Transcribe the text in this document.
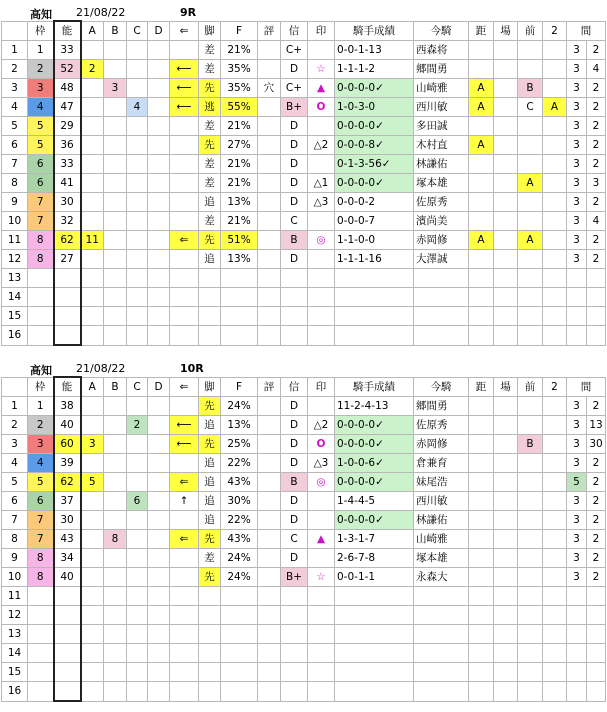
高知 21/08/22	9R
	枠	能	A	B	C	D	⇐	脚	F	評	信	印	騎手成績	今騎	距	場	前	2	間	
1	1	33						差	21%		C+		0-0-1-13	西森将					3	2
2	2	52	2				⟵	差	35%		D	☆	1-1-1-2	郷間勇					3	4
3	3	48		3			⟵	先	35%	穴	C+	▲	0-0-0-0✓	山崎雅	A		B		3	2
4	4	47			4		⟵	逃	55%		B+	O	1-0-3-0	西川敏	A		C	A	3	2
5	5	29						差	21%		D		0-0-0-0✓	多田誠					3	2
6	5	36						先	27%		D	△2	0-0-0-8✓	木村直	A				3	2
7	6	33						差	21%		D		0-1-3-56✓	林謙佑					3	2
8	6	41						差	21%		D	△1	0-0-0-0✓	塚本雄			A		3	3
9	7	30						追	13%		D	△3	0-0-0-2	佐原秀					3	2
10	7	32						差	21%		C		0-0-0-7	濱尚美					3	4
11	8	62	11				⇐	先	51%		B	◎	1-1-0-0	赤岡修	A		A		3	2
12	8	27						追	13%		D		1-1-1-16	大澤誠					3	2
13																				
14																				
15																				
16																				
高知 21/08/22	10R
	枠	能	A	B	C	D	⇐	脚	F	評	信	印	騎手成績	今騎	距	場	前	2	間	
1	1	38						先	24%		D		11-2-4-13	郷間勇					3	2
2	2	40			2		⟵	追	13%		D	△2	0-0-0-0✓	佐原秀					3	13
3	3	60	3				⟵	先	25%		D	O	0-0-0-0✓	赤岡修			B		3	30
4	4	39						追	22%		D	△3	1-0-0-6✓	倉兼育					3	2
5	5	62	5				⇐	追	43%		B	◎	0-0-0-0✓	妹尾浩					5	2
6	6	37			6		↑	追	30%		D		1-4-4-5	西川敏					3	2
7	7	30						追	22%		D		0-0-0-0✓	林謙佑					3	2
8	7	43		8			⇐	先	43%		C	▲	1-3-1-7	山崎雅					3	2
9	8	34						差	24%		D		2-6-7-8	塚本雄					3	2
10	8	40						先	24%		B+	☆	0-0-1-1	永森大					3	2
11																				
12																				
13																				
14																				
15																				
16																				
